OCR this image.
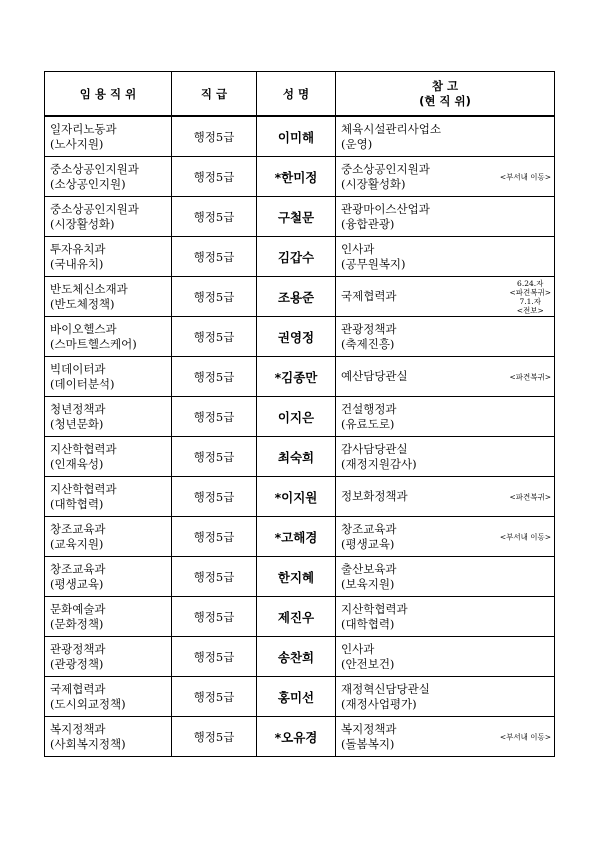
임 용 직 위	직 급	성 명	참 고
(현 직 위)

일자리노동과
(노사지원)	행정5급	이미해	체육시설관리사업소
(운영)

중소상공인지원과
(소상공인지원)	행정5급	*한미정	중소상공인지원과
(시장활성화) <부서내 이동>

중소상공인지원과
(시장활성화)	행정5급	구철문	관광마이스산업과
(융합관광)

투자유치과
(국내유치)	행정5급	김갑수	인사과
(공무원복지)

반도체신소재과
(반도체정책)	행정5급	조용준	국제협력과
6.24.자
<파견복귀>
7.1.자
<전보>

바이오헬스과
(스마트헬스케어)	행정5급	권영정	관광정책과
(축제진흥)

빅데이터과
(데이터분석)	행정5급	*김종만	예산담당관실 <파견복귀>

청년정책과
(청년문화)	행정5급	이지은	건설행정과
(유료도로)

지산학협력과
(인재육성)	행정5급	최숙희	감사담당관실
(재정지원감사)

지산학협력과
(대학협력)	행정5급	*이지원	정보화정책과 <파견복귀>

창조교육과
(교육지원)	행정5급	*고해경	창조교육과
(평생교육) <부서내 이동>

창조교육과
(평생교육)	행정5급	한지혜	출산보육과
(보육지원)

문화예술과
(문화정책)	행정5급	제진우	지산학협력과
(대학협력)

관광정책과
(관광정책)	행정5급	송찬희	인사과
(안전보건)

국제협력과
(도시외교정책)	행정5급	홍미선	재정혁신담당관실
(재정사업평가)

복지정책과
(사회복지정책)	행정5급	*오유경	복지정책과
(돌봄복지) <부서내 이동>
